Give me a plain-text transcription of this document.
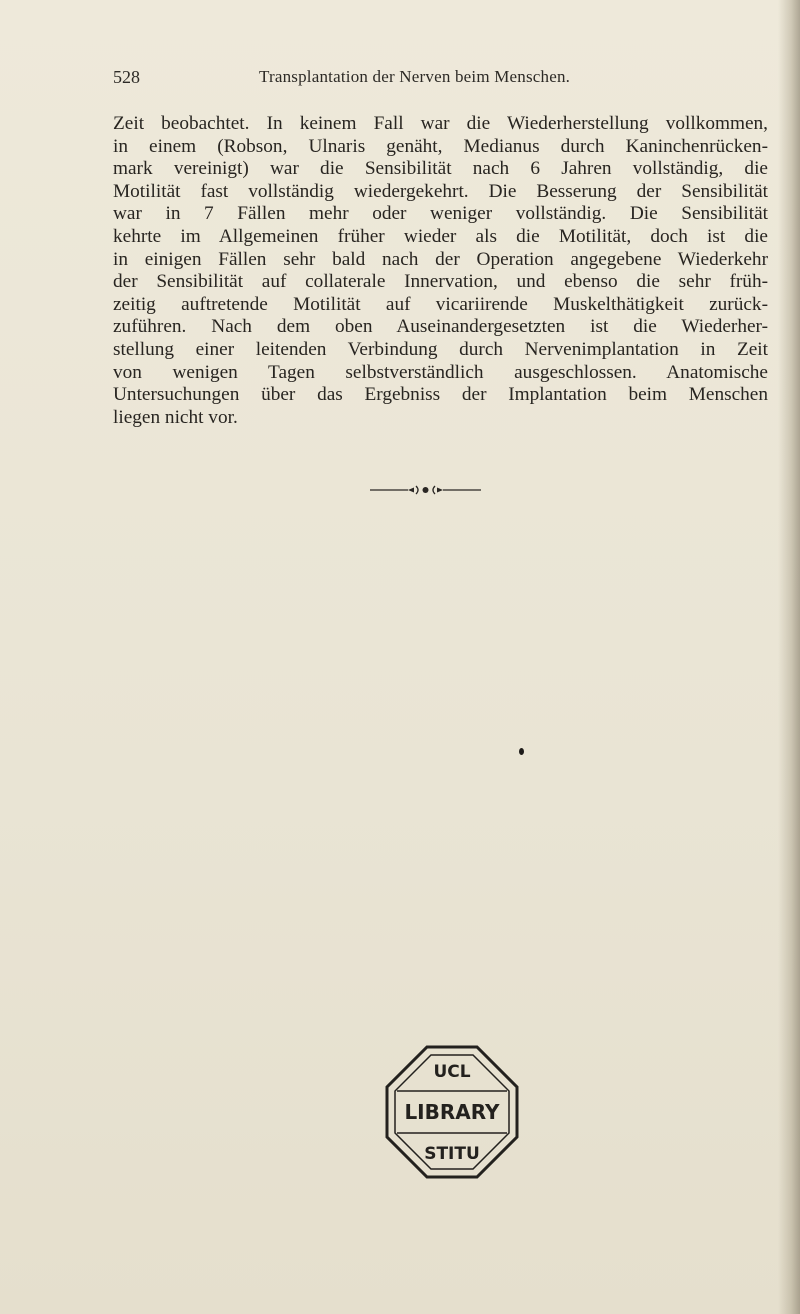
528	Transplantation der Nerven beim Menschen.
Zeit beobachtet. In keinem Fall war die Wiederherstellung vollkommen,
in einem (Robson, Ulnaris genäht, Medianus durch Kaninchenrücken-
mark vereinigt) war die Sensibilität nach 6 Jahren vollständig, die
Motilität fast vollständig wiedergekehrt. Die Besserung der Sensibilität
war in 7 Fällen mehr oder weniger vollständig. Die Sensibilität
kehrte im Allgemeinen früher wieder als die Motilität, doch ist die
in einigen Fällen sehr bald nach der Operation angegebene Wiederkehr
der Sensibilität auf collaterale Innervation, und ebenso die sehr früh-
zeitig auftretende Motilität auf vicariirende Muskelthätigkeit zurück-
zuführen. Nach dem oben Auseinandergesetzten ist die Wiederher-
stellung einer leitenden Verbindung durch Nervenimplantation in Zeit
von wenigen Tagen selbstverständlich ausgeschlossen. Anatomische
Untersuchungen über das Ergebniss der Implantation beim Menschen
liegen nicht vor.
UCL
LIBRARY
STITU
